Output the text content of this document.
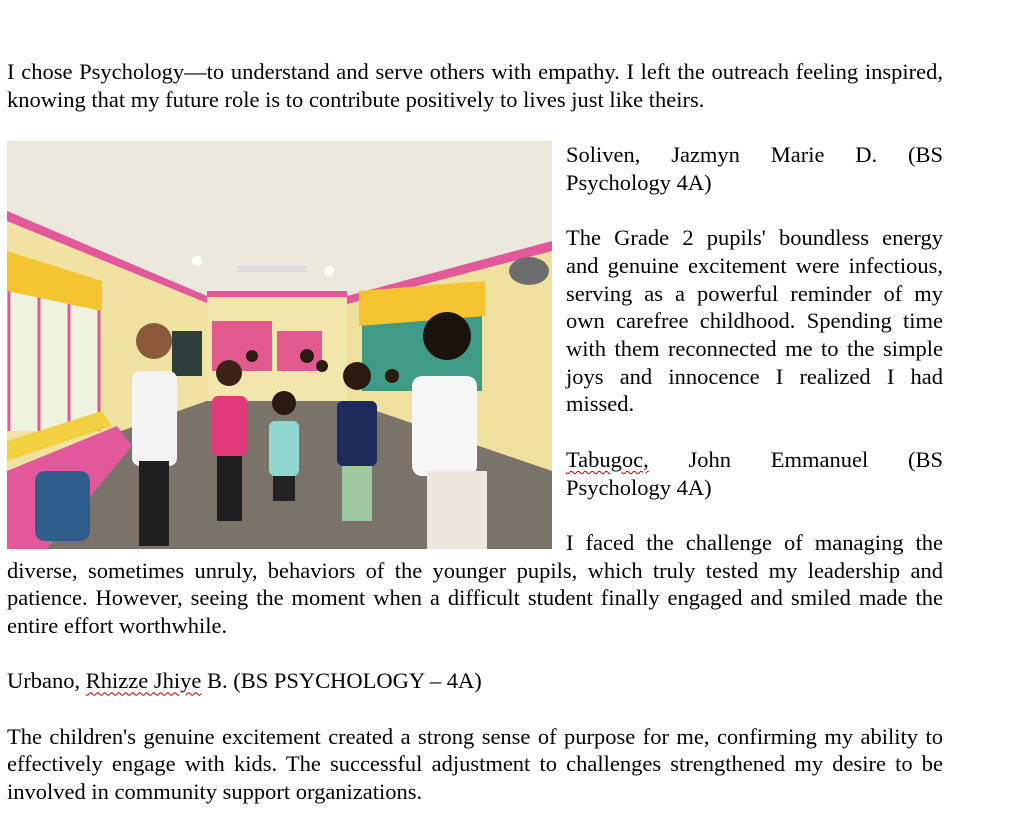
I chose Psychology—to understand and serve others with empathy. I left the outreach feeling inspired, knowing that my future role is to contribute positively to lives just like theirs.

Soliven, Jazmyn Marie D. (BS Psychology 4A)

The Grade 2 pupils' boundless energy and genuine excitement were infectious, serving as a powerful reminder of my own carefree childhood. Spending time with them reconnected me to the simple joys and innocence I realized I had missed.

Tabugoc, John Emmanuel (BS Psychology 4A)

I faced the challenge of managing the diverse, sometimes unruly, behaviors of the younger pupils, which truly tested my leadership and patience. However, seeing the moment when a difficult student finally engaged and smiled made the entire effort worthwhile.

Urbano, Rhizze Jhiye B. (BS PSYCHOLOGY – 4A)

The children's genuine excitement created a strong sense of purpose for me, confirming my ability to effectively engage with kids. The successful adjustment to challenges strengthened my desire to be involved in community support organizations.
